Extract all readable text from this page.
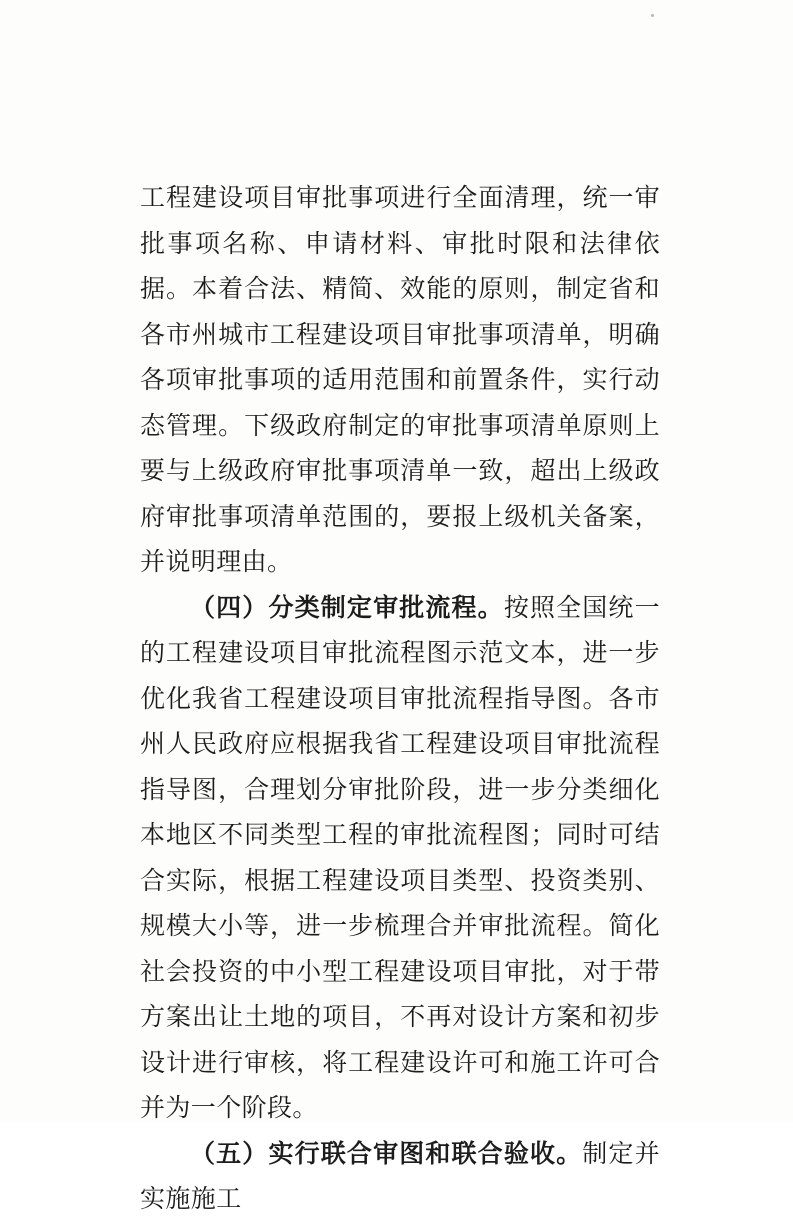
工程建设项目审批事项进行全面清理，统一审批事项名称、申请材料、审批时限和法律依据。本着合法、精简、效能的原则，制定省和各市州城市工程建设项目审批事项清单，明确各项审批事项的适用范围和前置条件，实行动态管理。下级政府制定的审批事项清单原则上要与上级政府审批事项清单一致，超出上级政府审批事项清单范围的，要报上级机关备案，并说明理由。

（四）分类制定审批流程。按照全国统一的工程建设项目审批流程图示范文本，进一步优化我省工程建设项目审批流程指导图。各市州人民政府应根据我省工程建设项目审批流程指导图，合理划分审批阶段，进一步分类细化本地区不同类型工程的审批流程图；同时可结合实际，根据工程建设项目类型、投资类别、规模大小等，进一步梳理合并审批流程。简化社会投资的中小型工程建设项目审批，对于带方案出让土地的项目，不再对设计方案和初步设计进行审核，将工程建设许可和施工许可合并为一个阶段。

（五）实行联合审图和联合验收。制定并实施施工
